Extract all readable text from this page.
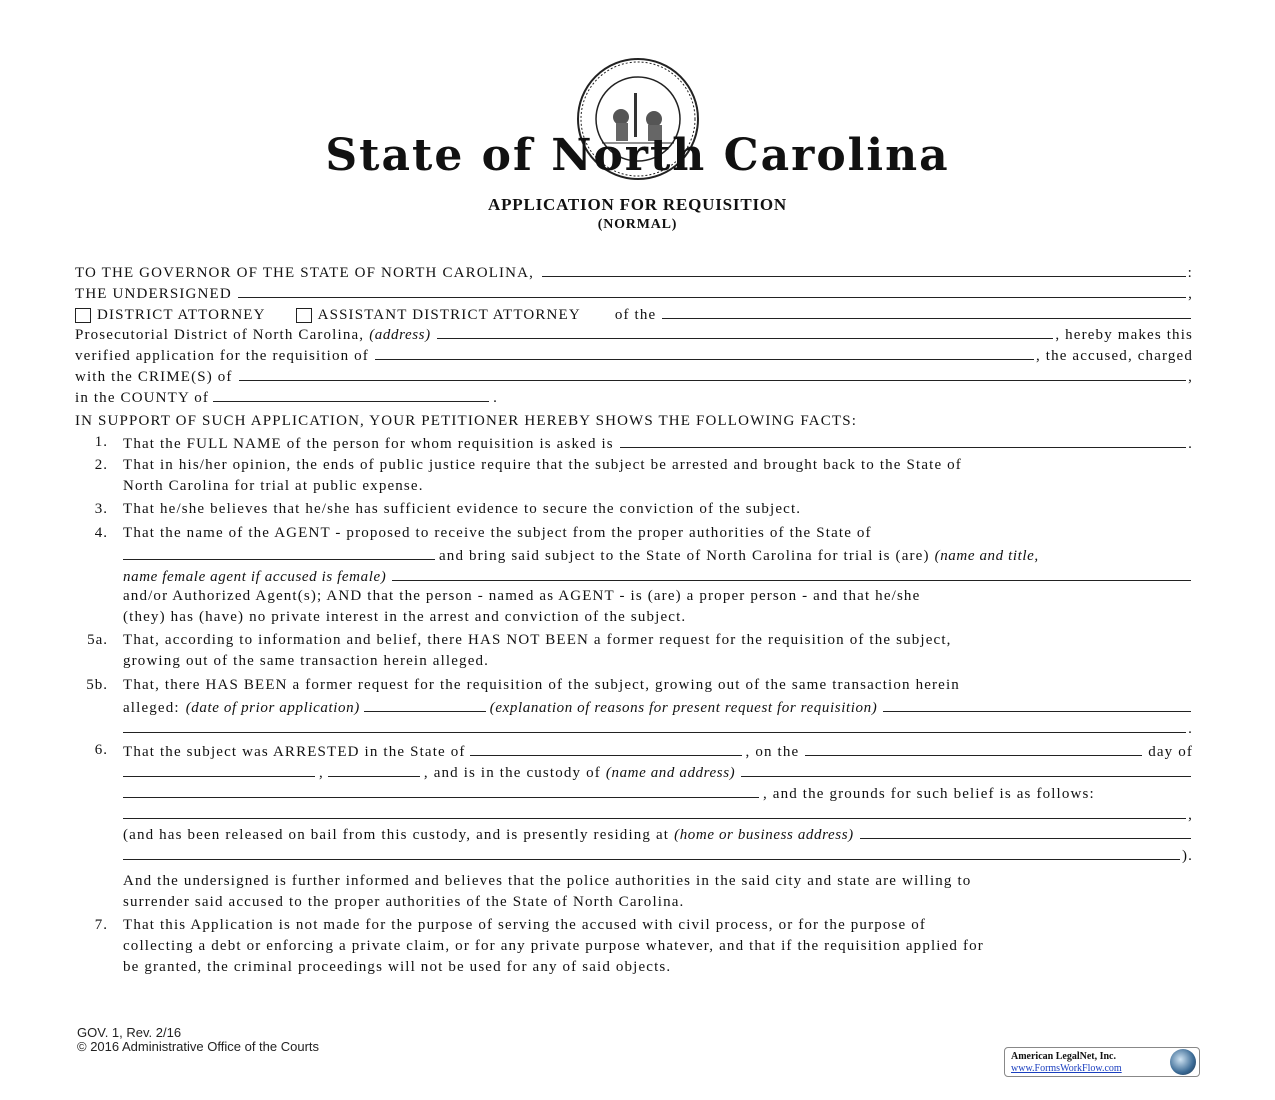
State of North Carolina
APPLICATION FOR REQUISITION
(NORMAL)
TO THE GOVERNOR OF THE STATE OF NORTH CAROLINA,	:
THE UNDERSIGNED	,
DISTRICT ATTORNEY	ASSISTANT DISTRICT ATTORNEY of the
Prosecutorial District of North Carolina, (address)	, hereby makes this
verified application for the requisition of	, the accused, charged
with the CRIME(S) of	,
in the COUNTY of	.
IN SUPPORT OF SUCH APPLICATION, YOUR PETITIONER HEREBY SHOWS THE FOLLOWING FACTS:
1. That the FULL NAME of the person for whom requisition is asked is	.
2. That in his/her opinion, the ends of public justice require that the subject be arrested and brought back to the State of
North Carolina for trial at public expense.
3. That he/she believes that he/she has sufficient evidence to secure the conviction of the subject.
4. That the name of the AGENT - proposed to receive the subject from the proper authorities of the State of
and bring said subject to the State of North Carolina for trial is (are) (name and title,
name female agent if accused is female)
and/or Authorized Agent(s); AND that the person - named as AGENT - is (are) a proper person - and that he/she
(they) has (have) no private interest in the arrest and conviction of the subject.
5a. That, according to information and belief, there HAS NOT BEEN a former request for the requisition of the subject,
growing out of the same transaction herein alleged.
5b. That, there HAS BEEN a former request for the requisition of the subject, growing out of the same transaction herein
alleged: (date of prior application)	(explanation of reasons for present request for requisition)
.
6. That the subject was ARRESTED in the State of	, on the	day of
,	, and is in the custody of (name and address)
, and the grounds for such belief is as follows:
,
(and has been released on bail from this custody, and is presently residing at (home or business address)
).
And the undersigned is further informed and believes that the police authorities in the said city and state are willing to
surrender said accused to the proper authorities of the State of North Carolina.
7. That this Application is not made for the purpose of serving the accused with civil process, or for the purpose of
collecting a debt or enforcing a private claim, or for any private purpose whatever, and that if the requisition applied for
be granted, the criminal proceedings will not be used for any of said objects.
GOV. 1, Rev. 2/16
© 2016 Administrative Office of the Courts
American LegalNet, Inc.
www.FormsWorkFlow.com
